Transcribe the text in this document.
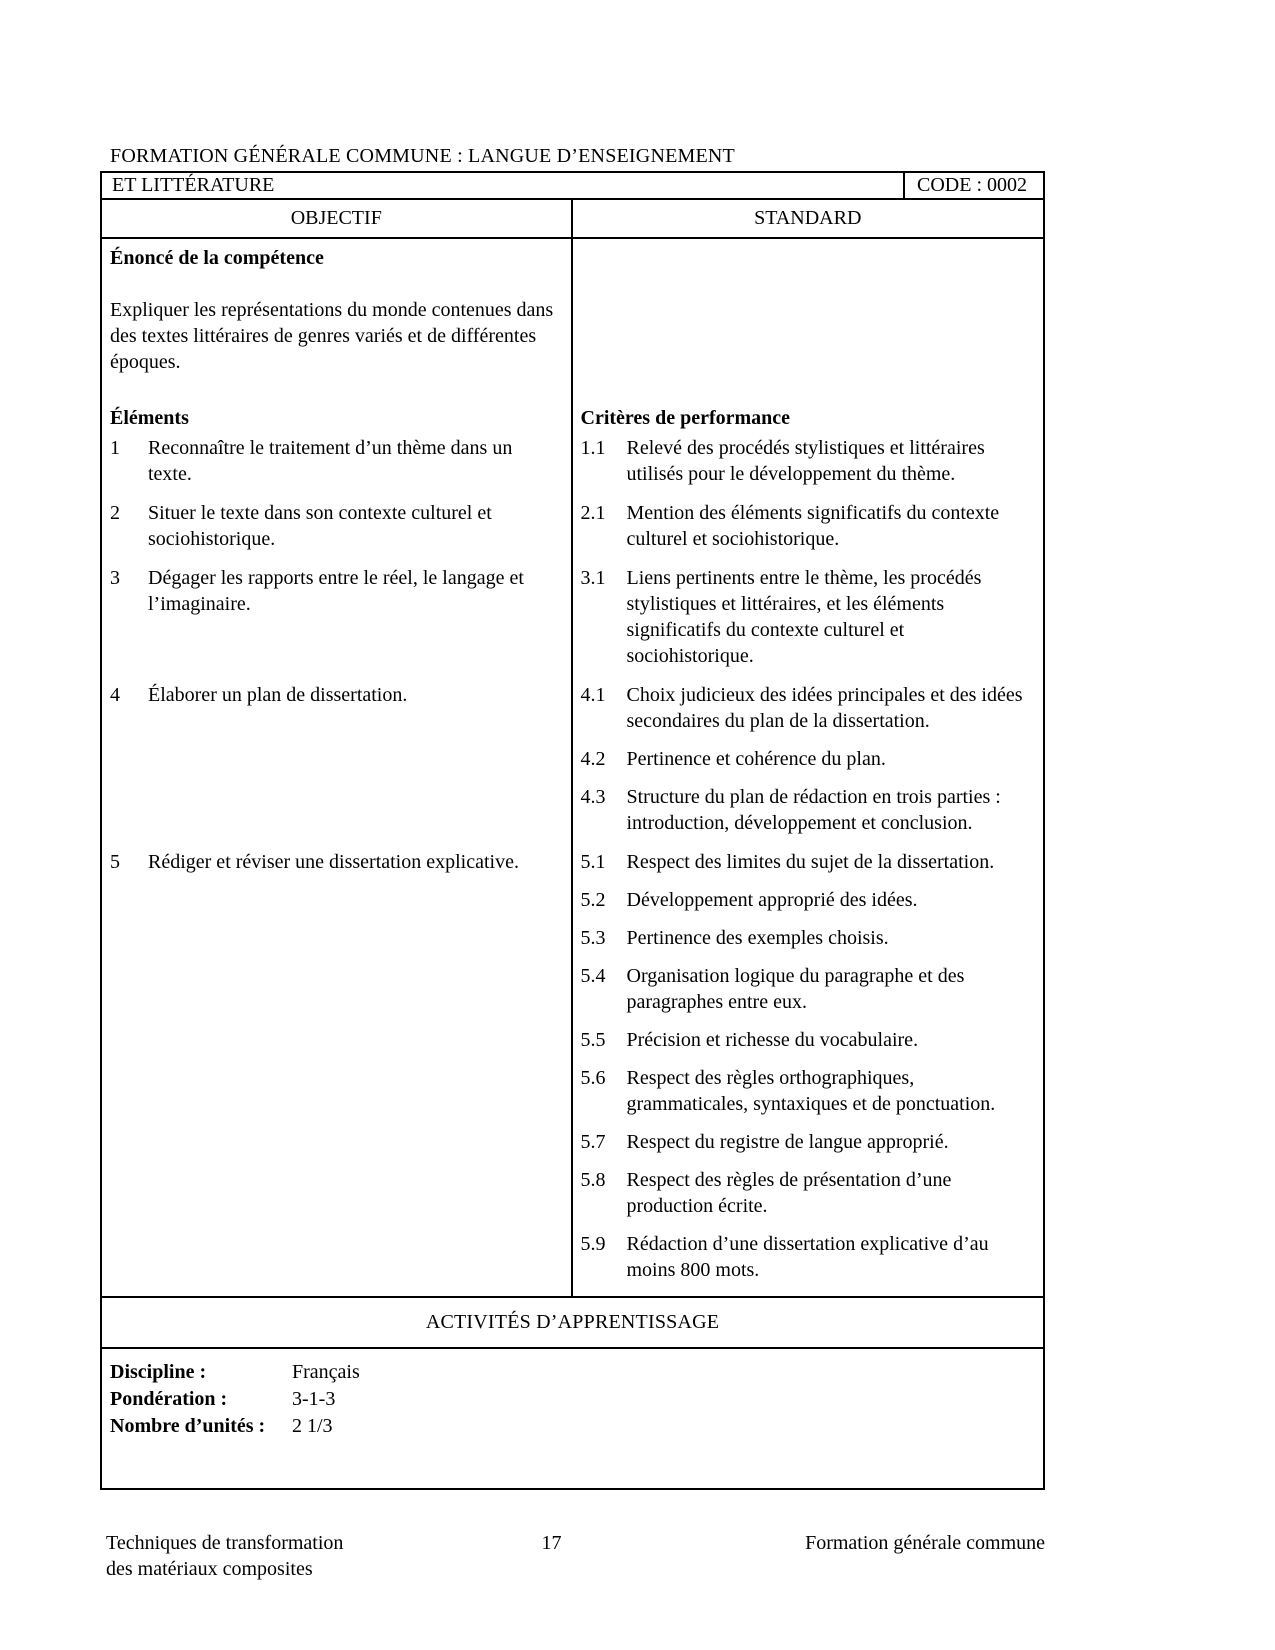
FORMATION GÉNÉRALE COMMUNE : LANGUE D’ENSEIGNEMENT
ET LITTÉRATURE	CODE : 0002
OBJECTIF	STANDARD
Énoncé de la compétence
Expliquer les représentations du monde contenues dans des textes littéraires de genres variés et de différentes époques.
Éléments	Critères de performance
1	Reconnaître le traitement d’un thème dans un texte.
1.1	Relevé des procédés stylistiques et littéraires utilisés pour le développement du thème.
2	Situer le texte dans son contexte culturel et sociohistorique.
2.1	Mention des éléments significatifs du contexte culturel et sociohistorique.
3	Dégager les rapports entre le réel, le langage et l’imaginaire.
3.1	Liens pertinents entre le thème, les procédés stylistiques et littéraires, et les éléments significatifs du contexte culturel et sociohistorique.
4	Élaborer un plan de dissertation.	4.1	Choix judicieux des idées principales et des idées secondaires du plan de la dissertation.
4.2	Pertinence et cohérence du plan.
4.3	Structure du plan de rédaction en trois parties : introduction, développement et conclusion.
5	Rédiger et réviser une dissertation explicative.	5.1	Respect des limites du sujet de la dissertation.
5.2	Développement approprié des idées.
5.3	Pertinence des exemples choisis.
5.4	Organisation logique du paragraphe et des paragraphes entre eux.
5.5	Précision et richesse du vocabulaire.
5.6	Respect des règles orthographiques, grammaticales, syntaxiques et de ponctuation.
5.7	Respect du registre de langue approprié.
5.8	Respect des règles de présentation d’une production écrite.
5.9	Rédaction d’une dissertation explicative d’au moins 800 mots.
ACTIVITÉS D’APPRENTISSAGE
Discipline :	Français
Pondération :	3-1-3
Nombre d’unités :	2 1/3
Techniques de transformation
des matériaux composites
17	Formation générale commune
